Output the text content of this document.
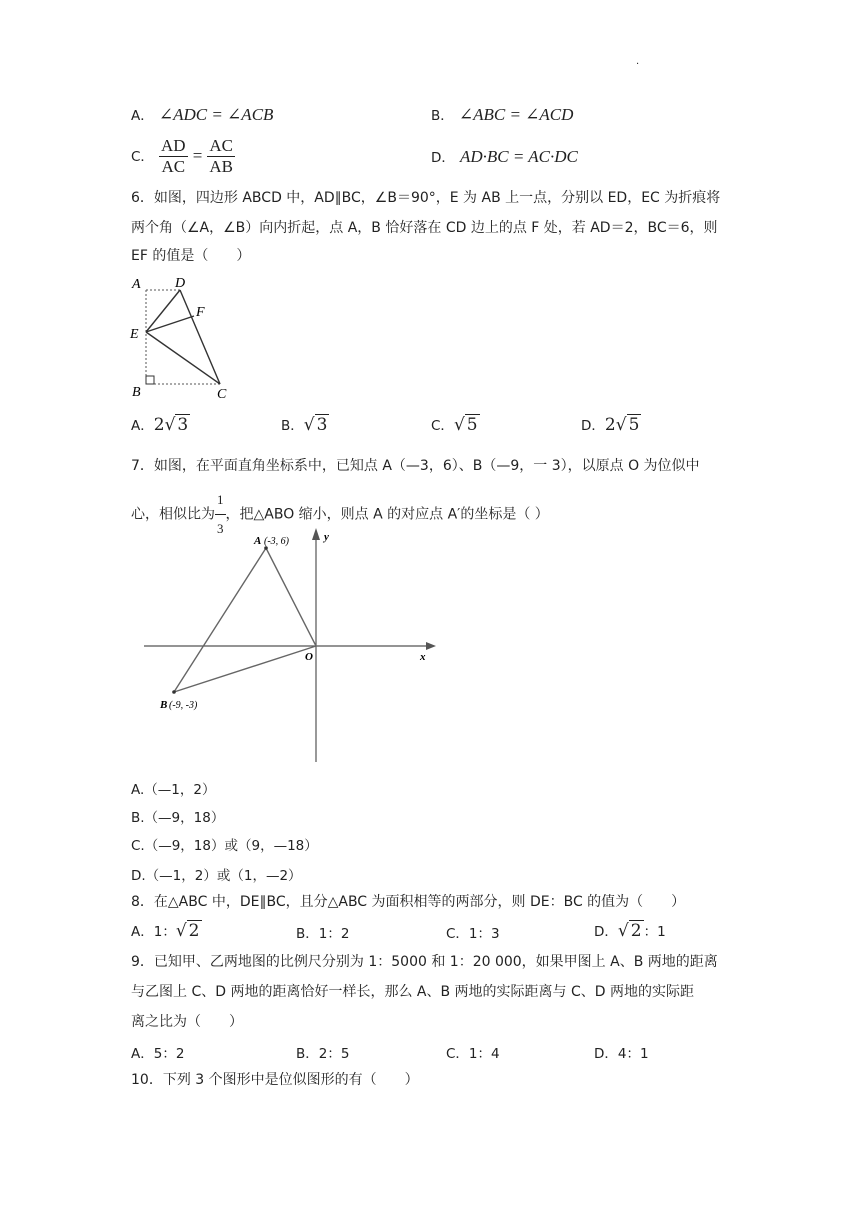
.
A． ∠ADC = ∠ACB	B． ∠ABC = ∠ACD
C． $\frac{AD}{AC} = \frac{AC}{AB}$	D． AD·BC = AC·DC
6．如图，四边形 ABCD 中，AD∥BC，∠B＝90°，E 为 AB 上一点，分别以 ED，EC 为折痕将
两个角（∠A，∠B）向内折起，点 A，B 恰好落在 CD 边上的点 F 处，若 AD＝2，BC＝6，则
EF 的值是（　　）
A D
F
E
B	C
A．2√ 3	B．√ 3	C．√ 5	D．2√ 5
7．如图，在平面直角坐标系中，已知点 A（—3，6）、B（—9，一 3），以原点 O 为位似中
心，相似比为 $\frac{1}{3}$ ，把△ABO 缩小，则点 A 的对应点 A′的坐标是（ ）
A (-3, 6)
B (-9, -3)
O	x
y
A.（—1，2）
B.（—9，18）
C.（—9，18）或（9，—18）
D.（—1，2）或（1，—2）
8．在△ABC 中，DE∥BC，且分△ABC 为面积相等的两部分，则 DE：BC 的值为（　　）
A．1：√ 2	B．1：2	C．1：3	D．√ 2 ：1
9．已知甲、乙两地图的比例尺分别为 1：5000 和 1：20 000，如果甲图上 A、B 两地的距离
与乙图上 C、D 两地的距离恰好一样长，那么 A、B 两地的实际距离与 C、D 两地的实际距
离之比为（　　）
A．5：2	B．2：5	C．1：4	D．4：1
10．下列 3 个图形中是位似图形的有（　　）
